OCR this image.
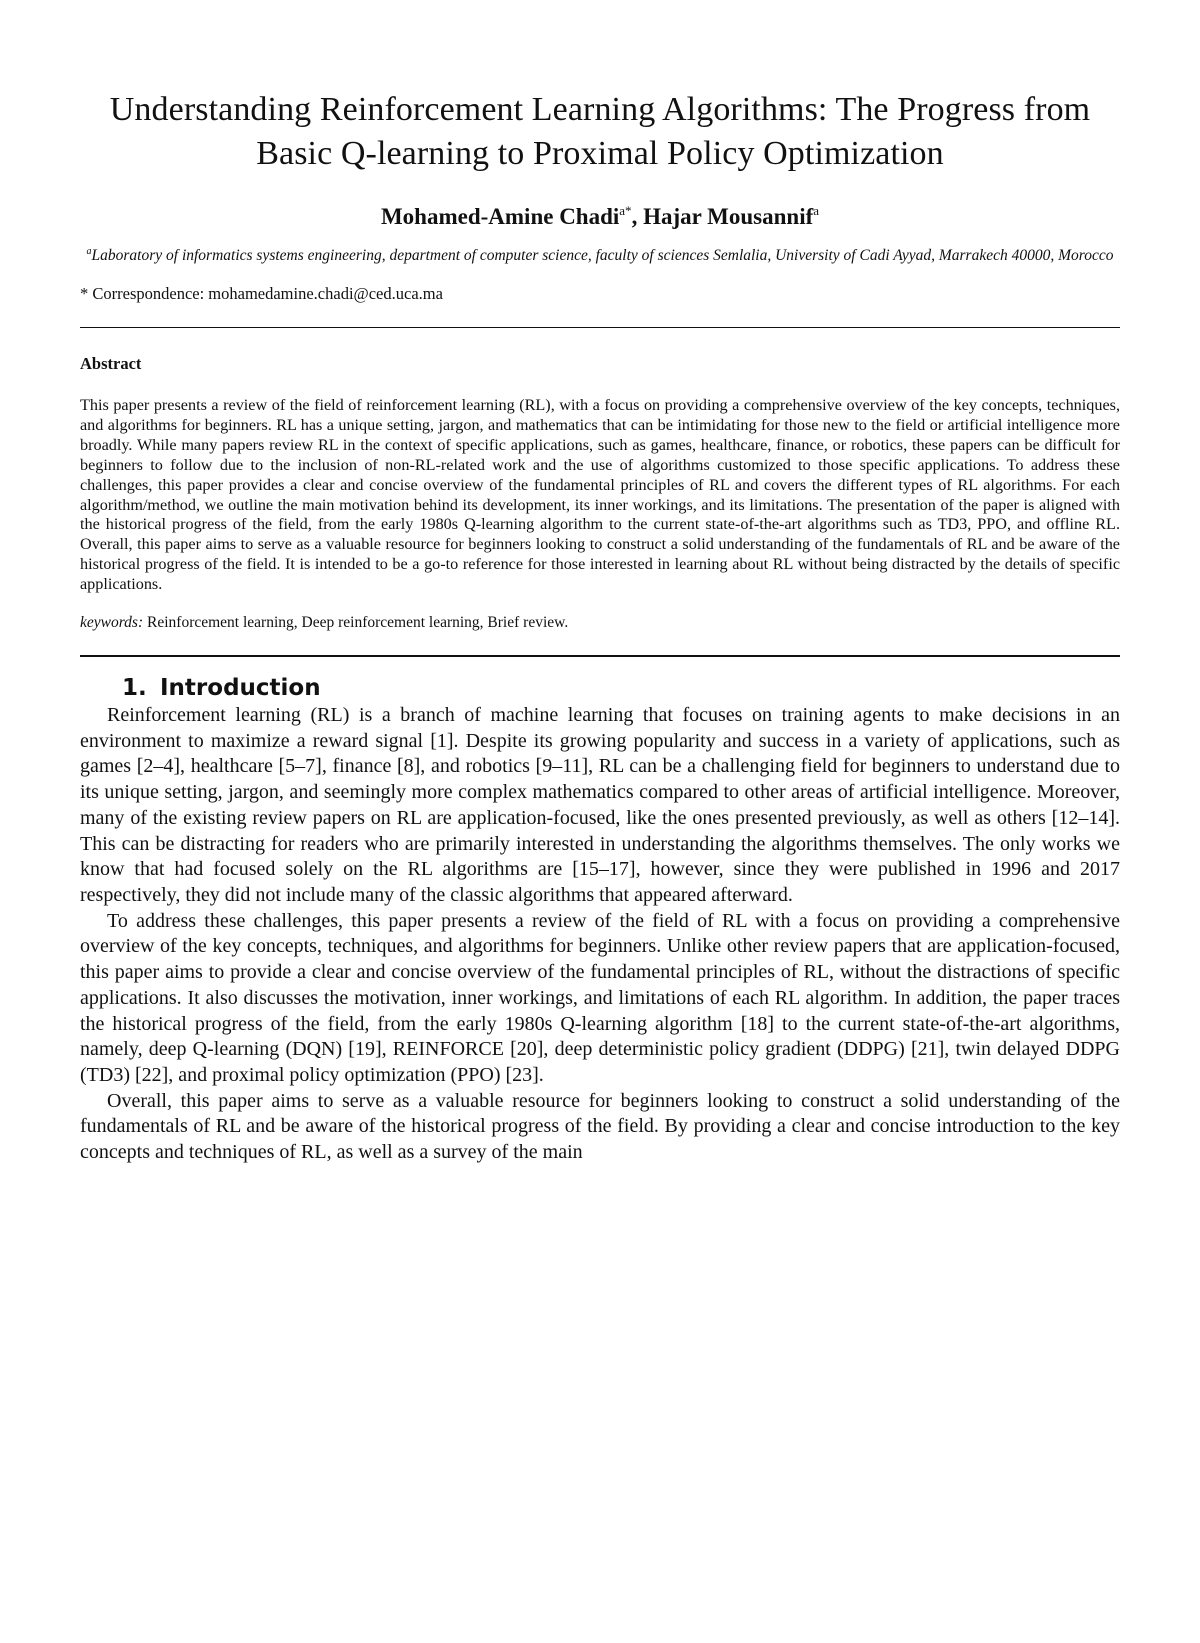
Understanding Reinforcement Learning Algorithms: The Progress from Basic Q-learning to Proximal Policy Optimization
Mohamed-Amine Chadi$^{a*}$, Hajar Mousannif$^a$
$^a$Laboratory of informatics systems engineering, department of computer science, faculty of sciences Semlalia, University of Cadi Ayyad, Marrakech 40000, Morocco
* Correspondence: mohamedamine.chadi@ced.uca.ma
Abstract
This paper presents a review of the field of reinforcement learning (RL), with a focus on providing a comprehensive overview of the key concepts, techniques, and algorithms for beginners. RL has a unique setting, jargon, and mathematics that can be intimidating for those new to the field or artificial intelligence more broadly. While many papers review RL in the context of specific applications, such as games, healthcare, finance, or robotics, these papers can be difficult for beginners to follow due to the inclusion of non-RL-related work and the use of algorithms customized to those specific applications. To address these challenges, this paper provides a clear and concise overview of the fundamental principles of RL and covers the different types of RL algorithms. For each algorithm/method, we outline the main motivation behind its development, its inner workings, and its limitations. The presentation of the paper is aligned with the historical progress of the field, from the early 1980s Q-learning algorithm to the current state-of-the-art algorithms such as TD3, PPO, and offline RL. Overall, this paper aims to serve as a valuable resource for beginners looking to construct a solid understanding of the fundamentals of RL and be aware of the historical progress of the field. It is intended to be a go-to reference for those interested in learning about RL without being distracted by the details of specific applications.
keywords: Reinforcement learning, Deep reinforcement learning, Brief review.
1. Introduction

Reinforcement learning (RL) is a branch of machine learning that focuses on training agents to make decisions in an environment to maximize a reward signal [1]. Despite its growing popularity and success in a variety of applications, such as games [2–4], healthcare [5–7], finance [8], and robotics [9–11], RL can be a challenging field for beginners to understand due to its unique setting, jargon, and seemingly more complex mathematics compared to other areas of artificial intelligence. Moreover, many of the existing review papers on RL are application-focused, like the ones presented previously, as well as others [12–14]. This can be distracting for readers who are primarily interested in understanding the algorithms themselves. The only works we know that had focused solely on the RL algorithms are [15–17], however, since they were published in 1996 and 2017 respectively, they did not include many of the classic algorithms that appeared afterward.

To address these challenges, this paper presents a review of the field of RL with a focus on providing a comprehensive overview of the key concepts, techniques, and algorithms for beginners. Unlike other review papers that are application-focused, this paper aims to provide a clear and concise overview of the fundamental principles of RL, without the distractions of specific applications. It also discusses the motivation, inner workings, and limitations of each RL algorithm. In addition, the paper traces the historical progress of the field, from the early 1980s Q-learning algorithm [18] to the current state-of-the-art algorithms, namely, deep Q-learning (DQN) [19], REINFORCE [20], deep deterministic policy gradient (DDPG) [21], twin delayed DDPG (TD3) [22], and proximal policy optimization (PPO) [23].

Overall, this paper aims to serve as a valuable resource for beginners looking to construct a solid understanding of the fundamentals of RL and be aware of the historical progress of the field. By providing a clear and concise introduction to the key concepts and techniques of RL, as well as a survey of the main
